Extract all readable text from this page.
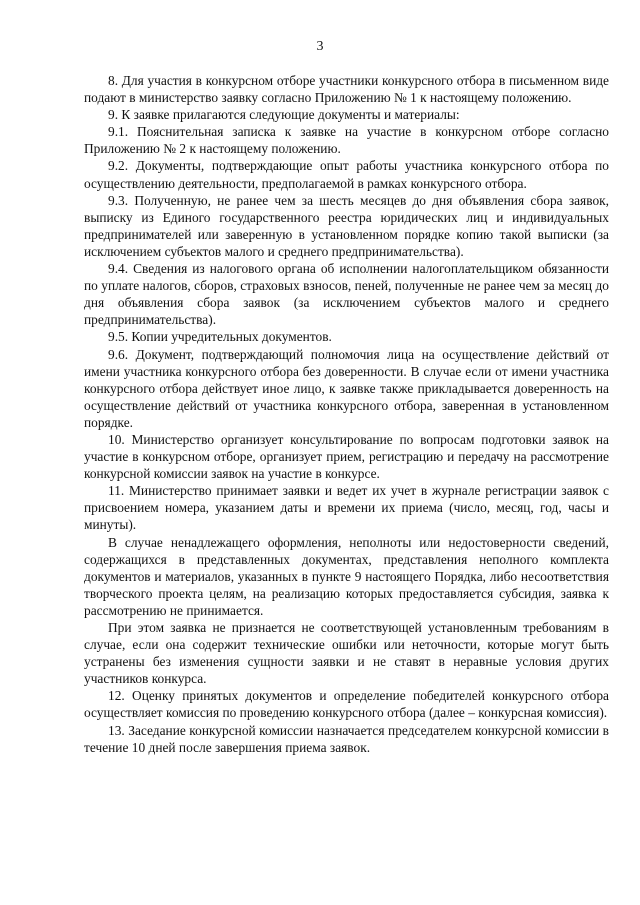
3

8. Для участия в конкурсном отборе участники конкурсного отбора в письменном виде подают в министерство заявку согласно Приложению № 1 к настоящему положению.

9. К заявке прилагаются следующие документы и материалы:

9.1. Пояснительная записка к заявке на участие в конкурсном отборе согласно Приложению № 2 к настоящему положению.

9.2. Документы, подтверждающие опыт работы участника конкурсного отбора по осуществлению деятельности, предполагаемой в рамках конкурсного отбора.

9.3. Полученную, не ранее чем за шесть месяцев до дня объявления сбора заявок, выписку из Единого государственного реестра юридических лиц и индивидуальных предпринимателей или заверенную в установленном порядке копию такой выписки (за исключением субъектов малого и среднего предпринимательства).

9.4. Сведения из налогового органа об исполнении налогоплательщиком обязанности по уплате налогов, сборов, страховых взносов, пеней, полученные не ранее чем за месяц до дня объявления сбора заявок (за исключением субъектов малого и среднего предпринимательства).

9.5. Копии учредительных документов.

9.6. Документ, подтверждающий полномочия лица на осуществление действий от имени участника конкурсного отбора без доверенности. В случае если от имени участника конкурсного отбора действует иное лицо, к заявке также прикладывается доверенность на осуществление действий от участника конкурсного отбора, заверенная в установленном порядке.

10. Министерство организует консультирование по вопросам подготовки заявок на участие в конкурсном отборе, организует прием, регистрацию и передачу на рассмотрение конкурсной комиссии заявок на участие в конкурсе.

11. Министерство принимает заявки и ведет их учет в журнале регистрации заявок с присвоением номера, указанием даты и времени их приема (число, месяц, год, часы и минуты).

В случае ненадлежащего оформления, неполноты или недостоверности сведений, содержащихся в представленных документах, представления неполного комплекта документов и материалов, указанных в пункте 9 настоящего Порядка, либо несоответствия творческого проекта целям, на реализацию которых предоставляется субсидия, заявка к рассмотрению не принимается.

При этом заявка не признается не соответствующей установленным требованиям в случае, если она содержит технические ошибки или неточности, которые могут быть устранены без изменения сущности заявки и не ставят в неравные условия других участников конкурса.

12. Оценку принятых документов и определение победителей конкурсного отбора осуществляет комиссия по проведению конкурсного отбора (далее – конкурсная комиссия).

13. Заседание конкурсной комиссии назначается председателем конкурсной комиссии в течение 10 дней после завершения приема заявок.
